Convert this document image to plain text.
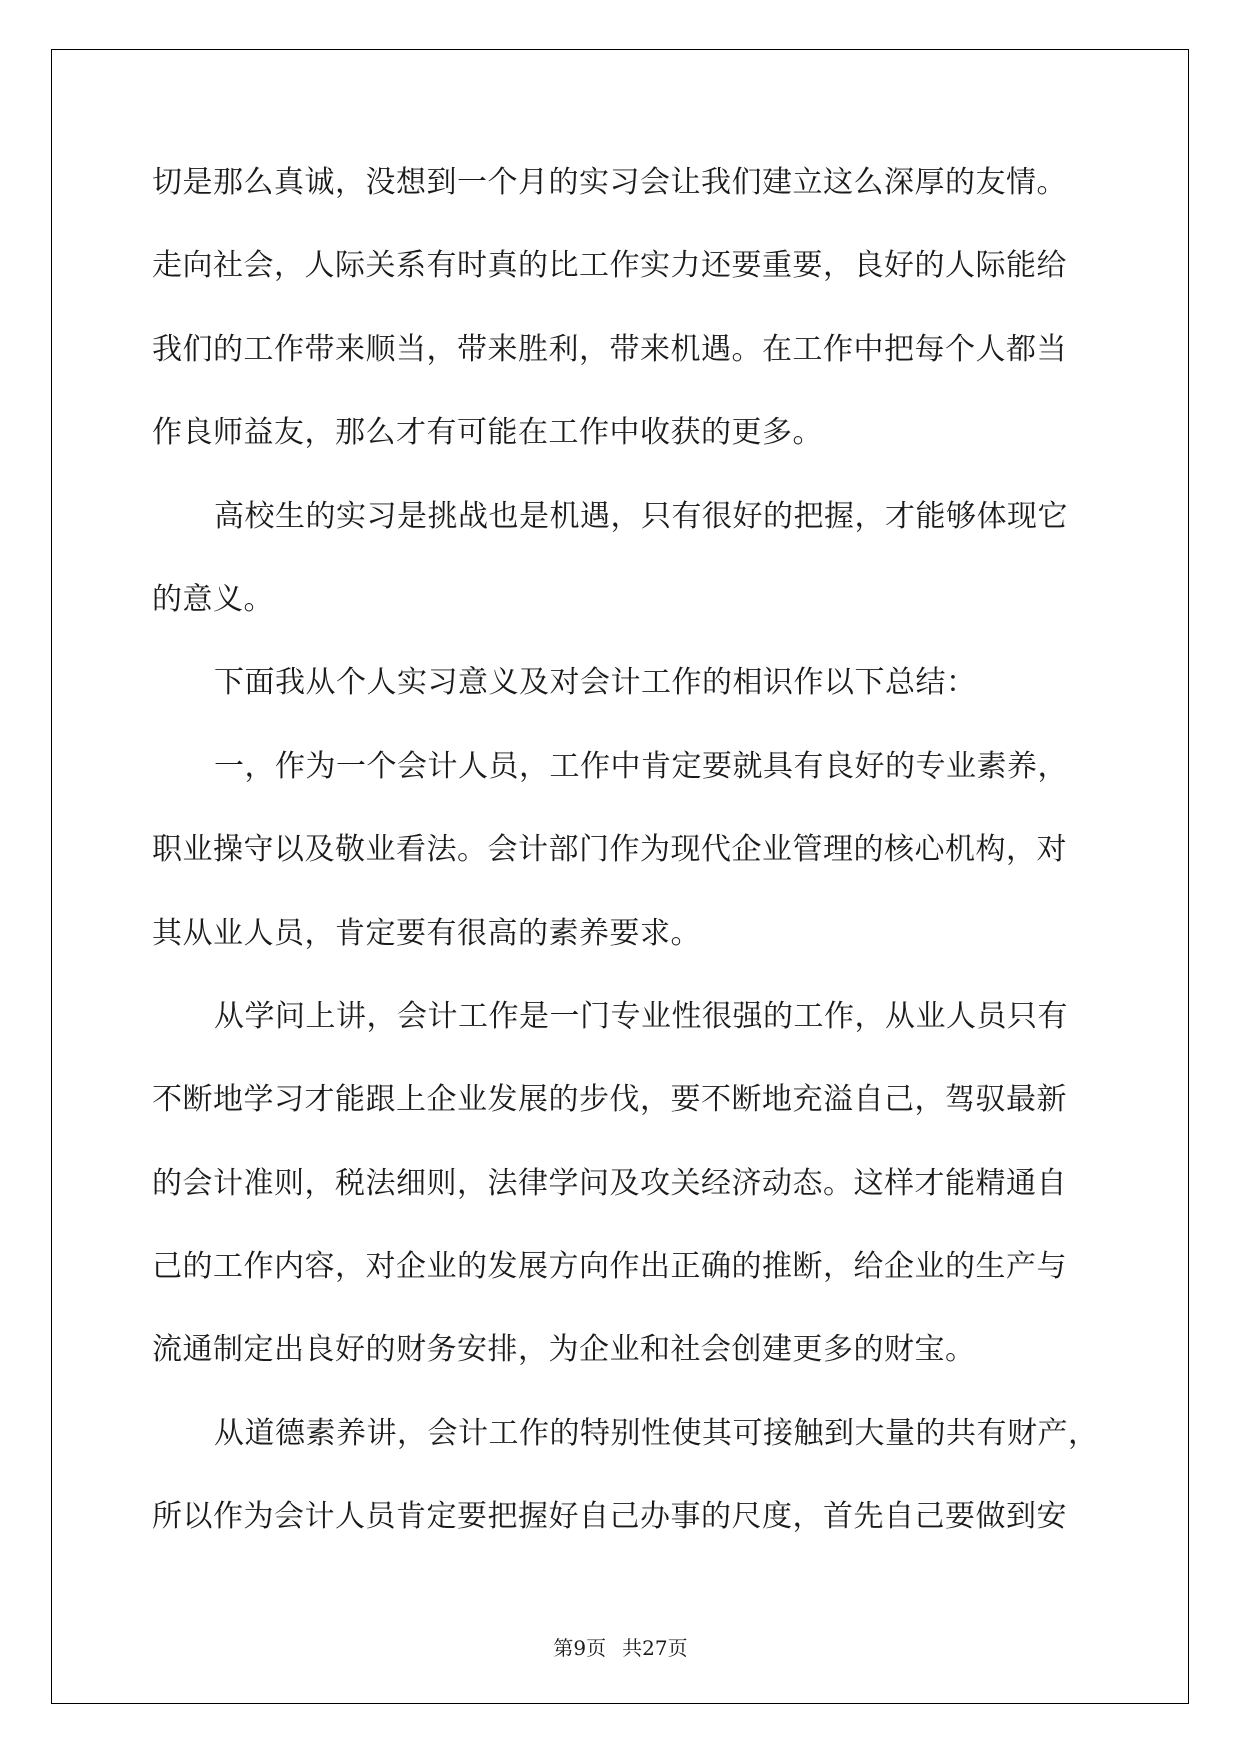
切是那么真诚，没想到一个月的实习会让我们建立这么深厚的友情。
走向社会，人际关系有时真的比工作实力还要重要，良好的人际能给
我们的工作带来顺当，带来胜利，带来机遇。在工作中把每个人都当
作良师益友，那么才有可能在工作中收获的更多。
高校生的实习是挑战也是机遇，只有很好的把握，才能够体现它
的意义。
下面我从个人实习意义及对会计工作的相识作以下总结：
一，作为一个会计人员，工作中肯定要就具有良好的专业素养，
职业操守以及敬业看法。会计部门作为现代企业管理的核心机构，对
其从业人员，肯定要有很高的素养要求。
从学问上讲，会计工作是一门专业性很强的工作，从业人员只有
不断地学习才能跟上企业发展的步伐，要不断地充溢自己，驾驭最新
的会计准则，税法细则，法律学问及攻关经济动态。这样才能精通自
己的工作内容，对企业的发展方向作出正确的推断，给企业的生产与
流通制定出良好的财务安排，为企业和社会创建更多的财宝。
从道德素养讲，会计工作的特别性使其可接触到大量的共有财产，
所以作为会计人员肯定要把握好自己办事的尺度，首先自己要做到安
第9页 共27页
